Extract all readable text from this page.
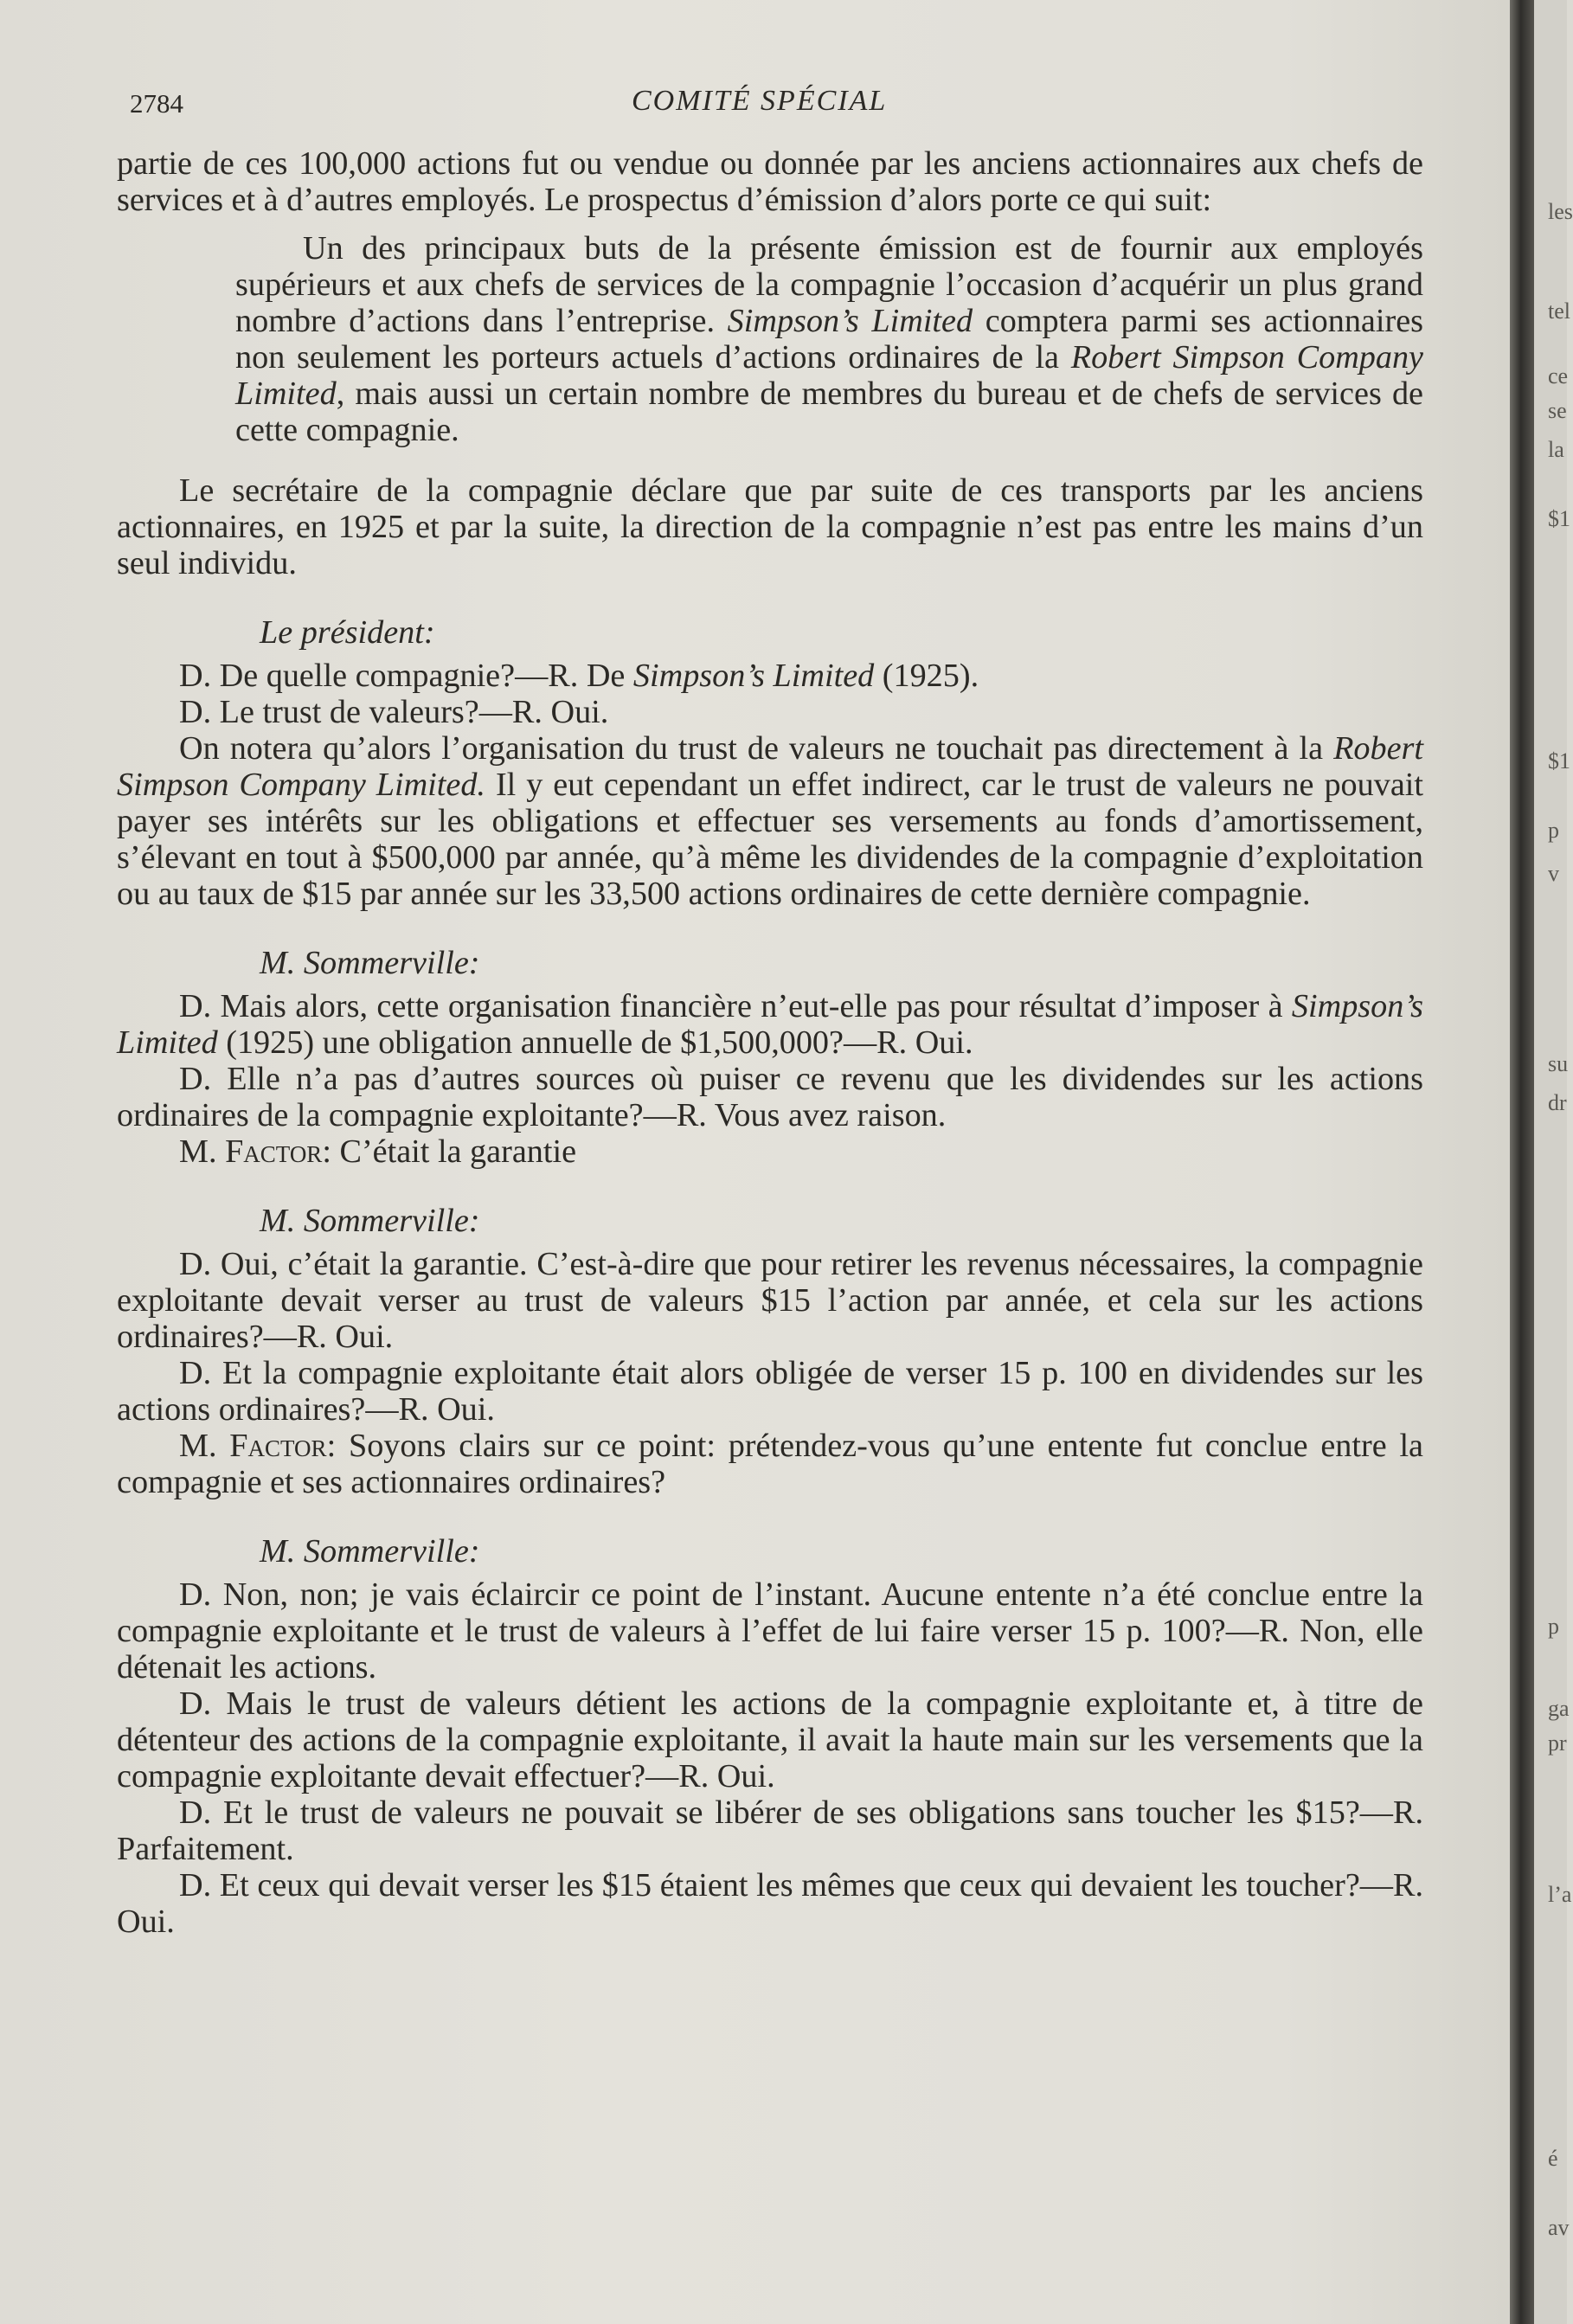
2784	COMITÉ SPÉCIAL

partie de ces 100,000 actions fut ou vendue ou donnée par les anciens actionnaires aux chefs de services et à d’autres employés. Le prospectus d’émission d’alors porte ce qui suit:

Un des principaux buts de la présente émission est de fournir aux employés supérieurs et aux chefs de services de la compagnie l’occasion d’acquérir un plus grand nombre d’actions dans l’entreprise. Simpson’s Limited comptera parmi ses actionnaires non seulement les porteurs actuels d’actions ordinaires de la Robert Simpson Company Limited, mais aussi un certain nombre de membres du bureau et de chefs de services de cette compagnie.

Le secrétaire de la compagnie déclare que par suite de ces transports par les anciens actionnaires, en 1925 et par la suite, la direction de la compagnie n’est pas entre les mains d’un seul individu.

Le président:

D. De quelle compagnie?—R. De Simpson’s Limited (1925).

D. Le trust de valeurs?—R. Oui.

On notera qu’alors l’organisation du trust de valeurs ne touchait pas directement à la Robert Simpson Company Limited. Il y eut cependant un effet indirect, car le trust de valeurs ne pouvait payer ses intérêts sur les obligations et effectuer ses versements au fonds d’amortissement, s’élevant en tout à $500,000 par année, qu’à même les dividendes de la compagnie d’exploitation ou au taux de $15 par année sur les 33,500 actions ordinaires de cette dernière compagnie.

M. Sommerville:

D. Mais alors, cette organisation financière n’eut-elle pas pour résultat d’imposer à Simpson’s Limited (1925) une obligation annuelle de $1,500,000?—R. Oui.

D. Elle n’a pas d’autres sources où puiser ce revenu que les dividendes sur les actions ordinaires de la compagnie exploitante?—R. Vous avez raison.

M. Factor: C’était la garantie

M. Sommerville:

D. Oui, c’était la garantie. C’est-à-dire que pour retirer les revenus nécessaires, la compagnie exploitante devait verser au trust de valeurs $15 l’action par année, et cela sur les actions ordinaires?—R. Oui.

D. Et la compagnie exploitante était alors obligée de verser 15 p. 100 en dividendes sur les actions ordinaires?—R. Oui.

M. Factor: Soyons clairs sur ce point: prétendez-vous qu’une entente fut conclue entre la compagnie et ses actionnaires ordinaires?

M. Sommerville:

D. Non, non; je vais éclaircir ce point de l’instant. Aucune entente n’a été conclue entre la compagnie exploitante et le trust de valeurs à l’effet de lui faire verser 15 p. 100?—R. Non, elle détenait les actions.

D. Mais le trust de valeurs détient les actions de la compagnie exploitante et, à titre de détenteur des actions de la compagnie exploitante, il avait la haute main sur les versements que la compagnie exploitante devait effectuer?—R. Oui.

D. Et le trust de valeurs ne pouvait se libérer de ses obligations sans toucher les $15?—R. Parfaitement.

D. Et ceux qui devait verser les $15 étaient les mêmes que ceux qui devaient les toucher?—R. Oui.

les
tel
ce
se
la
$1
$1
p
v
su
dr
p
ga
pr
l’a
é
av
